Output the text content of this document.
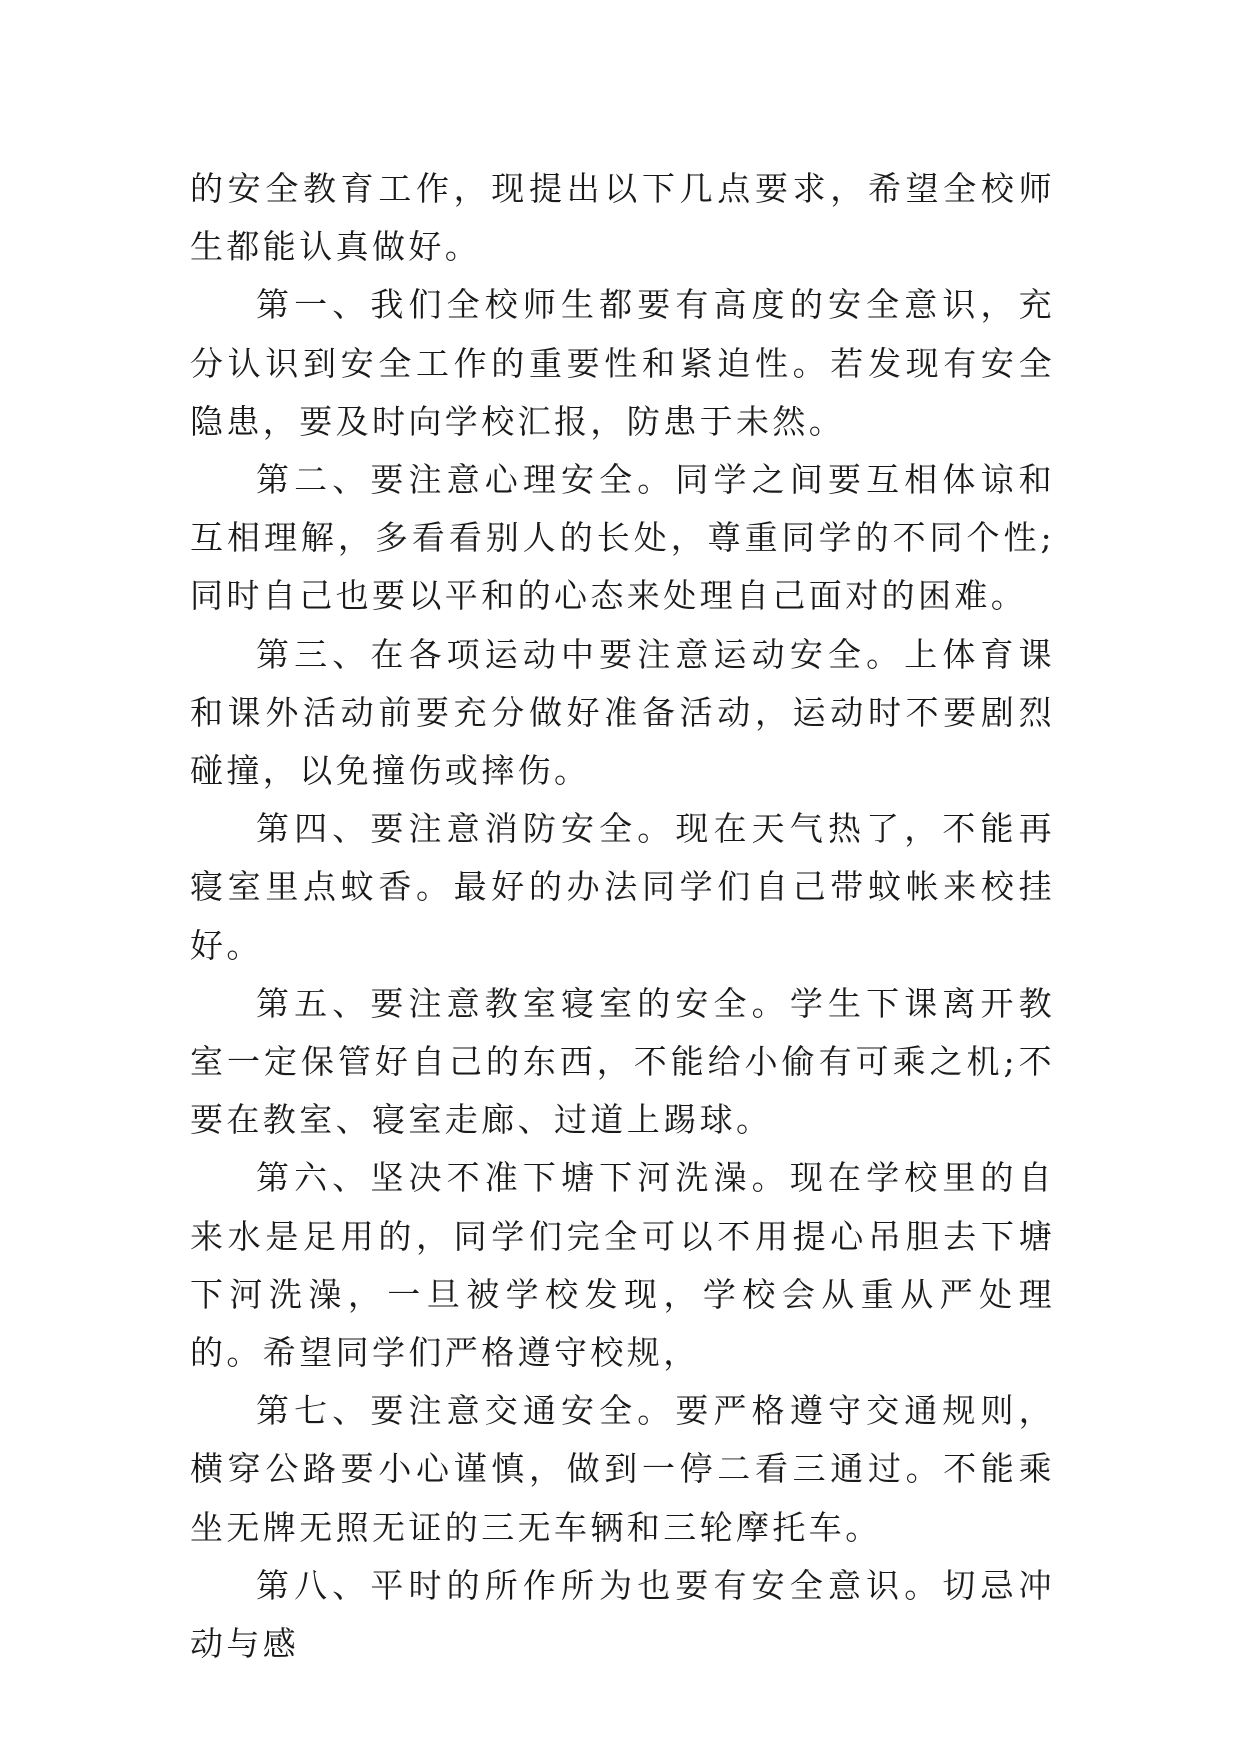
的安全教育工作，现提出以下几点要求，希望全校师生都能认真做好。

第一、我们全校师生都要有高度的安全意识，充分认识到安全工作的重要性和紧迫性。若发现有安全隐患，要及时向学校汇报，防患于未然。

第二、要注意心理安全。同学之间要互相体谅和互相理解，多看看别人的长处，尊重同学的不同个性;同时自己也要以平和的心态来处理自己面对的困难。

第三、在各项运动中要注意运动安全。上体育课和课外活动前要充分做好准备活动，运动时不要剧烈碰撞，以免撞伤或摔伤。

第四、要注意消防安全。现在天气热了，不能再寝室里点蚊香。最好的办法同学们自己带蚊帐来校挂好。

第五、要注意教室寝室的安全。学生下课离开教室一定保管好自己的东西，不能给小偷有可乘之机;不要在教室、寝室走廊、过道上踢球。

第六、坚决不准下塘下河洗澡。现在学校里的自来水是足用的，同学们完全可以不用提心吊胆去下塘下河洗澡，一旦被学校发现，学校会从重从严处理的。希望同学们严格遵守校规，

第七、要注意交通安全。要严格遵守交通规则，横穿公路要小心谨慎，做到一停二看三通过。不能乘坐无牌无照无证的三无车辆和三轮摩托车。

第八、平时的所作所为也要有安全意识。切忌冲动与感
